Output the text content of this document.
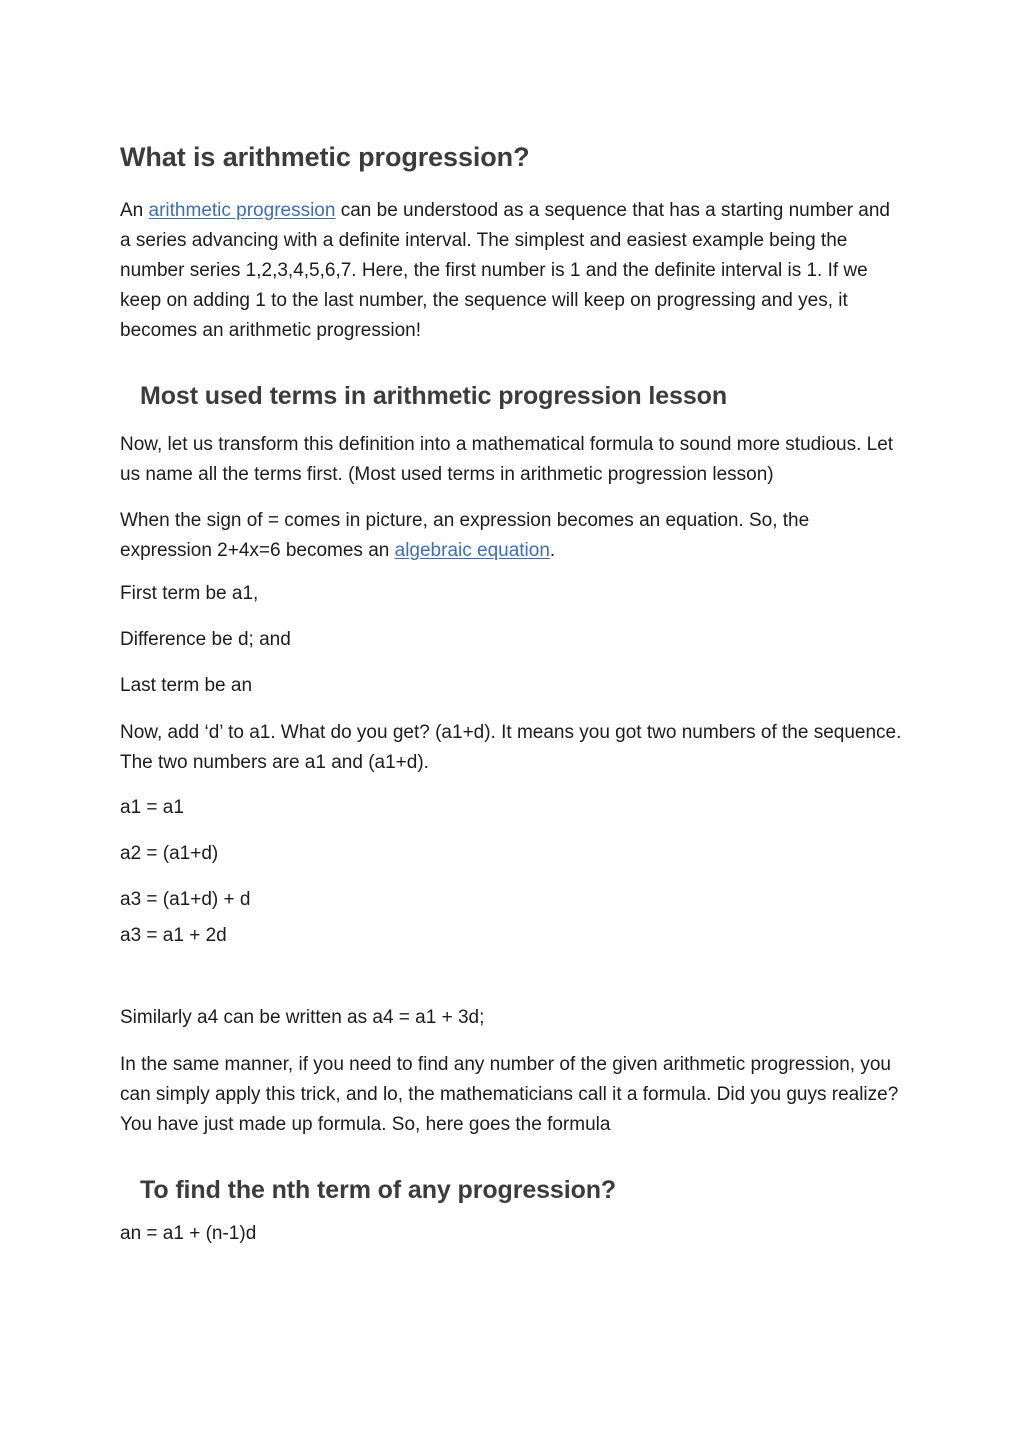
What is arithmetic progression?

An arithmetic progression can be understood as a sequence that has a starting number and a series advancing with a definite interval. The simplest and easiest example being the number series 1,2,3,4,5,6,7. Here, the first number is 1 and the definite interval is 1. If we keep on adding 1 to the last number, the sequence will keep on progressing and yes, it becomes an arithmetic progression!

Most used terms in arithmetic progression lesson

Now, let us transform this definition into a mathematical formula to sound more studious. Let us name all the terms first. (Most used terms in arithmetic progression lesson)

When the sign of = comes in picture, an expression becomes an equation. So, the expression 2+4x=6 becomes an algebraic equation.

First term be a1,

Difference be d; and

Last term be an

Now, add ‘d’ to a1. What do you get? (a1+d). It means you got two numbers of the sequence. The two numbers are a1 and (a1+d).

a1 = a1

a2 = (a1+d)

a3 = (a1+d) + d

a3 = a1 + 2d

Similarly a4 can be written as a4 = a1 + 3d;

In the same manner, if you need to find any number of the given arithmetic progression, you can simply apply this trick, and lo, the mathematicians call it a formula. Did you guys realize? You have just made up formula. So, here goes the formula

To find the nth term of any progression?

an = a1 + (n-1)d
